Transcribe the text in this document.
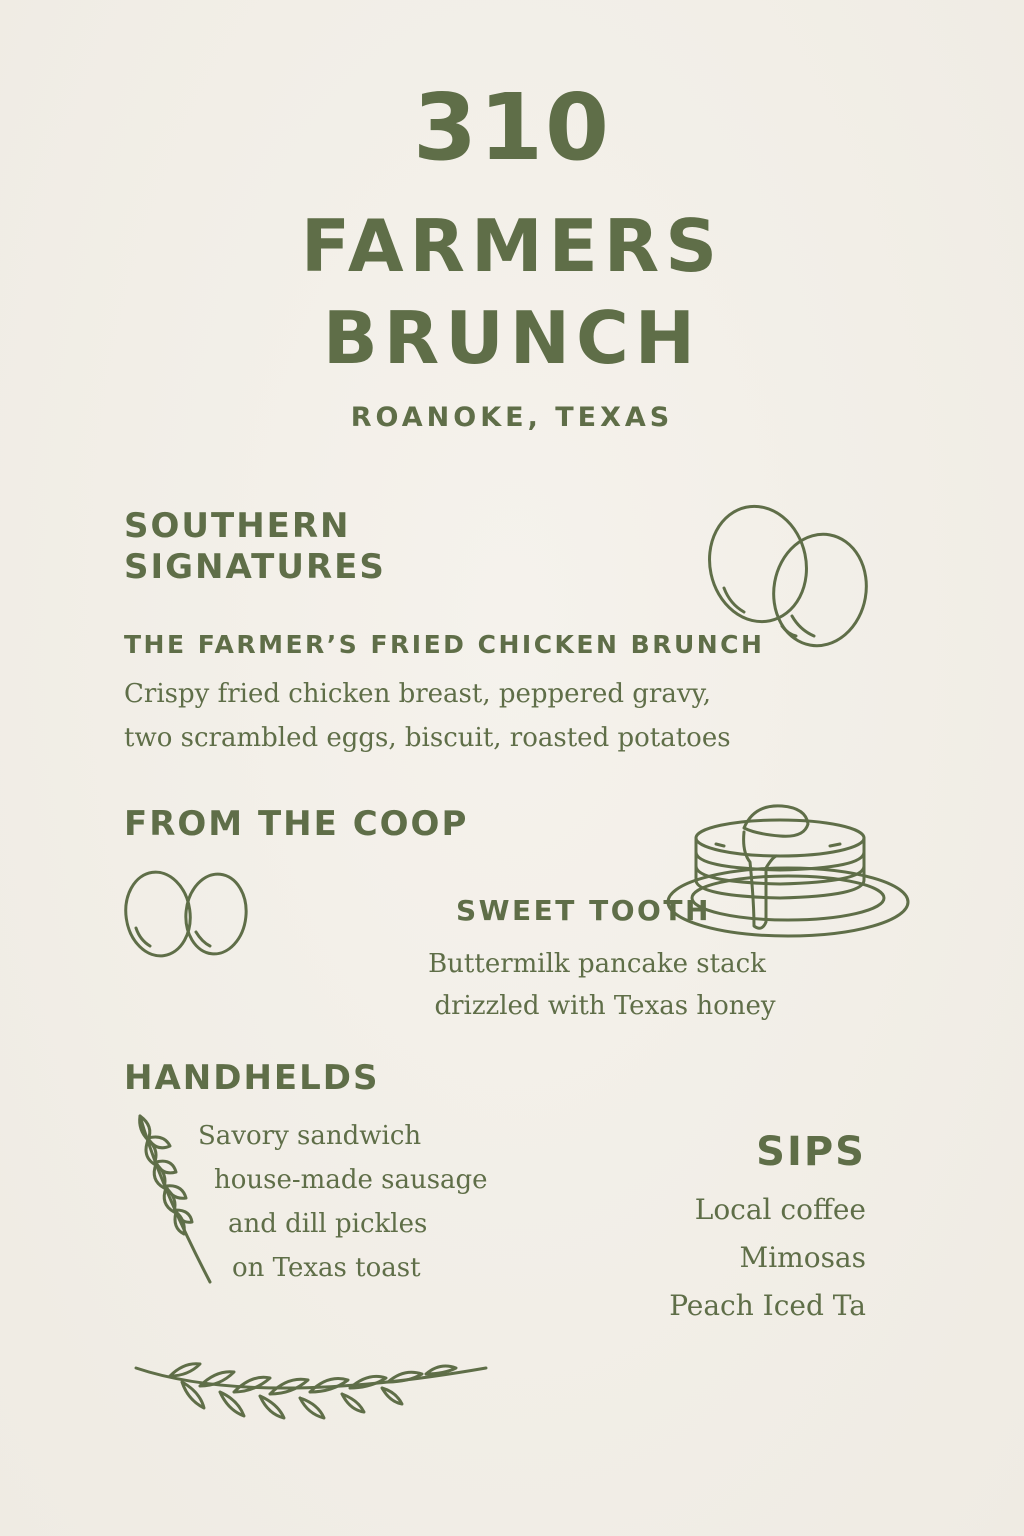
310
FARMERS
BRUNCH
ROANOKE, TEXAS
SOUTHERN
SIGNATURES
THE FARMER’S FRIED CHICKEN BRUNCH
Crispy fried chicken breast, peppered gravy,
two scrambled eggs, biscuit, roasted potatoes
FROM THE COOP
SWEET TOOTH
Buttermilk pancake stack
drizzled with Texas honey
HANDHELDS
Savory sandwich
house-made sausage
and dill pickles
on Texas toast
SIPS
Local coffee
Mimosas
Peach Iced Ta
